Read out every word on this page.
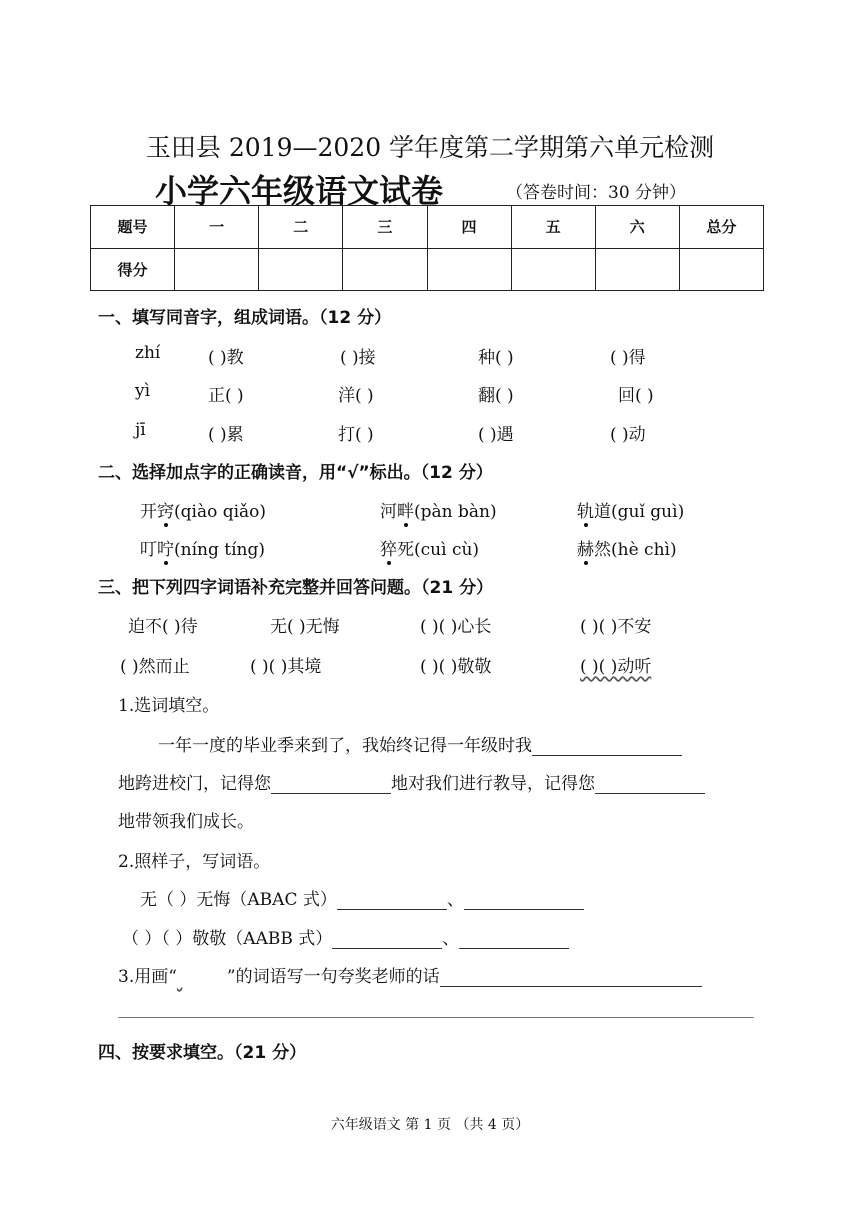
玉田县 2019—2020 学年度第二学期第六单元检测
小学六年级语文试卷	（答卷时间：30 分钟）
题号	一	二	三	四	五	六	总分
得分							
一、填写同音字，组成词语。（12 分）
zhí	( )教	( )接	种( )	( )得
yì	正( )	洋( )	翻( )	回( )
jī	( )累	打( )	( )遇	( )动
二、选择加点字的正确读音，用“√”标出。（12 分）
开窍(qiào qiǎo)	河畔(pàn bàn)	轨道(guǐ guì)
叮咛(níng tíng)	猝死(cuì cù)	赫然(hè chì)
三、把下列四字词语补充完整并回答问题。（21 分）
迫不( )待	无( )无悔	( )( )心长	( )( )不安
( )然而止	( )( )其境	( )( )敬敬	( )( )动听
1.选词填空。
一年一度的毕业季来到了，我始终记得一年级时我
地跨进校门，记得您	地对我们进行教导，记得您
地带领我们成长。
2.照样子，写词语。
无（ ）无悔（ABAC 式）	、
（ ）（ ）敬敬（AABB 式）	、
3.用画“	”的词语写一句夸奖老师的话
四、按要求填空。（21 分）
六年级语文 第 1 页 （共 4 页）
